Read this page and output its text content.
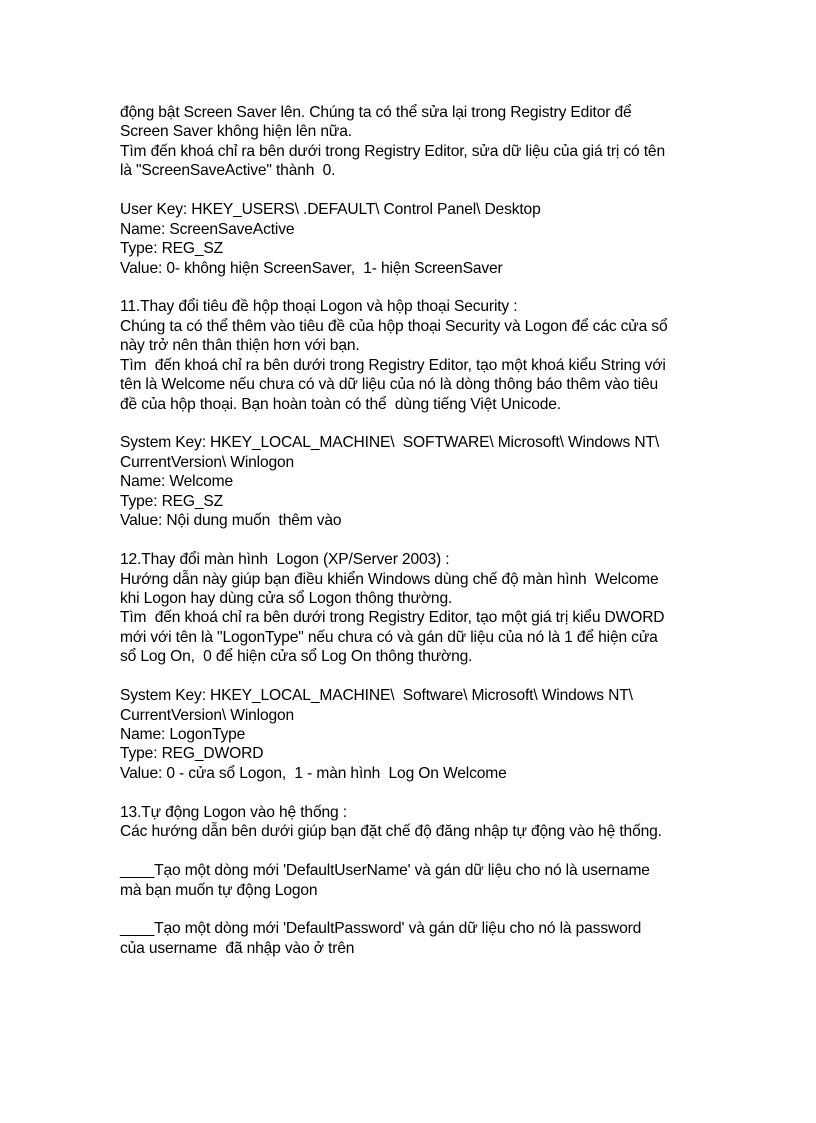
động bật Screen Saver lên. Chúng ta có thể sửa lại trong Registry Editor để
Screen Saver không hiện lên nữa.
Tìm đến khoá chỉ ra bên dưới trong Registry Editor, sửa dữ liệu của giá trị có tên
là "ScreenSaveActive" thành  0.
User Key: HKEY_USERS\ .DEFAULT\ Control Panel\ Desktop
Name: ScreenSaveActive
Type: REG_SZ
Value: 0- không hiện ScreenSaver,  1- hiện ScreenSaver
11.Thay đổi tiêu đề hộp thoại Logon và hộp thoại Security :
Chúng ta có thể thêm vào tiêu đề của hộp thoại Security và Logon để các cửa sổ
này trở nên thân thiện hơn với bạn.
Tìm  đến khoá chỉ ra bên dưới trong Registry Editor, tạo một khoá kiểu String với
tên là Welcome nếu chưa có và dữ liệu của nó là dòng thông báo thêm vào tiêu
đề của hộp thoại. Bạn hoàn toàn có thể  dùng tiếng Việt Unicode.
System Key: HKEY_LOCAL_MACHINE\  SOFTWARE\ Microsoft\ Windows NT\
CurrentVersion\ Winlogon
Name: Welcome
Type: REG_SZ
Value: Nội dung muốn  thêm vào
12.Thay đổi màn hình  Logon (XP/Server 2003) :
Hướng dẫn này giúp bạn điều khiển Windows dùng chế độ màn hình  Welcome
khi Logon hay dùng cửa sổ Logon thông thường.
Tìm  đến khoá chỉ ra bên dưới trong Registry Editor, tạo một giá trị kiểu DWORD
mới với tên là "LogonType" nếu chưa có và gán dữ liệu của nó là 1 để hiện cửa
sổ Log On,  0 để hiện cửa sổ Log On thông thường.
System Key: HKEY_LOCAL_MACHINE\  Software\ Microsoft\ Windows NT\
CurrentVersion\ Winlogon
Name: LogonType
Type: REG_DWORD
Value: 0 - cửa sổ Logon,  1 - màn hình  Log On Welcome
13.Tự động Logon vào hệ thống :
Các hướng dẫn bên dưới giúp bạn đặt chế độ đăng nhập tự động vào hệ thống.
____Tạo một dòng mới 'DefaultUserName' và gán dữ liệu cho nó là username
mà bạn muốn tự động Logon
____Tạo một dòng mới 'DefaultPassword' và gán dữ liệu cho nó là password
của username  đã nhập vào ở trên
